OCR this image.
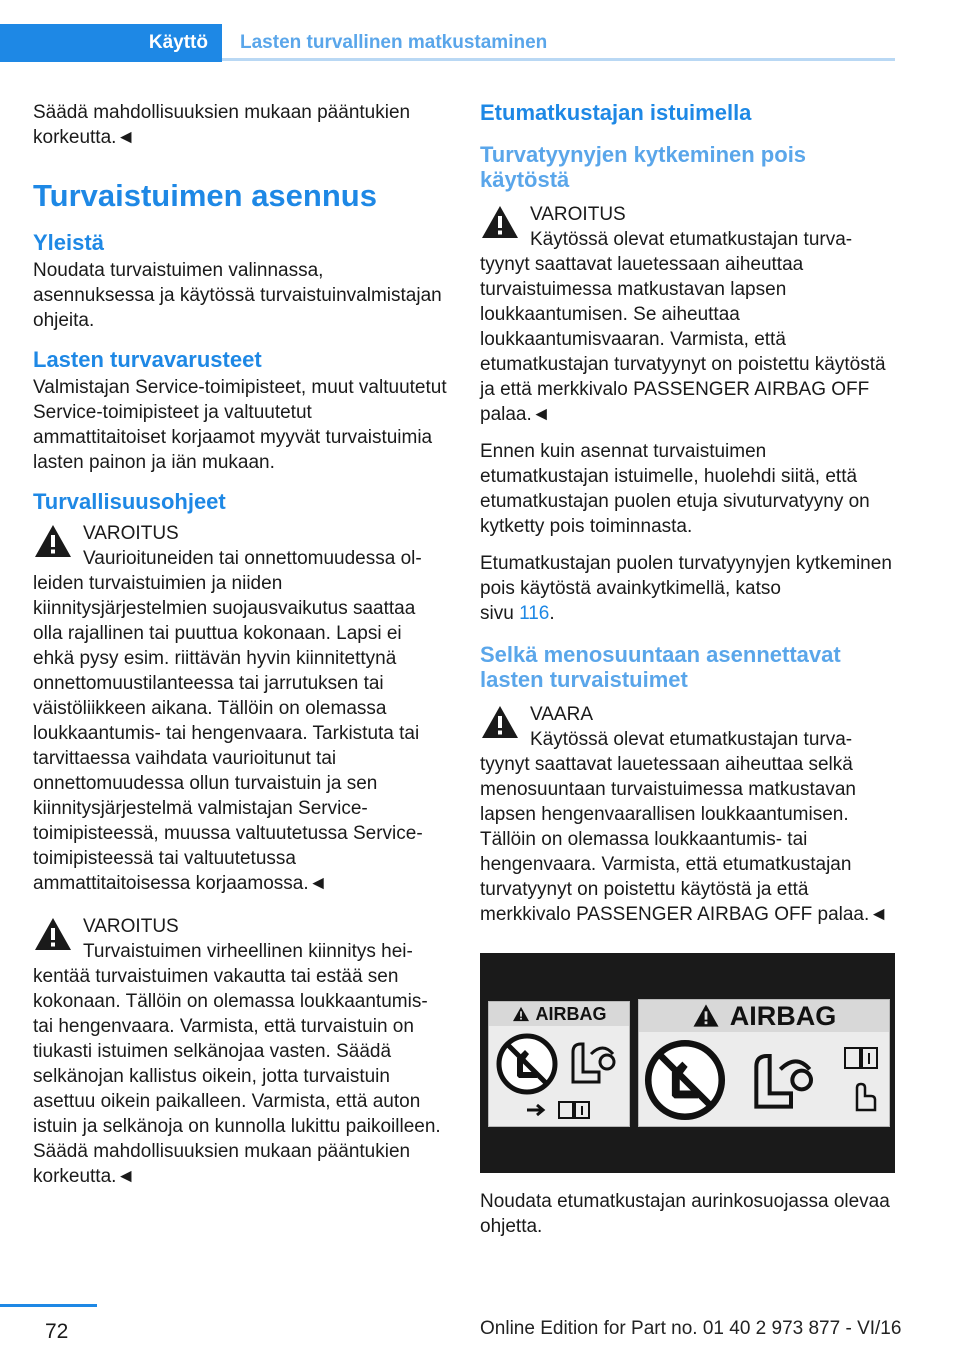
Käyttö	Lasten turvallinen matkustaminen

Säädä mahdollisuuksien mukaan pääntukien korkeutta.◄

Turvaistuimen asennus
Yleistä

Noudata turvaistuimen valinnassa, asennuksessa ja käytössä turvaistuinvalmistajan ohjeita.

Lasten turvavarusteet

Valmistajan Service-toimipisteet, muut valtuutetut Service-toimipisteet ja valtuutetut ammattitaitoiset korjaamot myyvät turvaistuimia lasten painon ja iän mukaan.

Turvallisuusohjeet
VAROITUS
Vaurioituneiden tai onnettomuudessa ol-
leiden turvaistuimien ja niiden kiinnitysjärjestelmien suojausvaikutus saattaa olla rajallinen tai puuttua kokonaan. Lapsi ei ehkä pysy esim. riittävän hyvin kiinnitettynä onnettomuustilanteessa tai jarrutuksen tai väistöliikkeen aikana. Tällöin on olemassa loukkaantumis- tai hengenvaara. Tarkistuta tai tarvittaessa vaihdata vaurioitunut tai onnettomuudessa ollun turvaistuin ja sen kiinnitysjärjestelmä valmistajan Service-toimipisteessä, muussa valtuutetussa Service-toimipisteessä tai valtuutetussa ammattitaitoisessa korjaamossa.◄
VAROITUS
Turvaistuimen virheellinen kiinnitys hei-
kentää turvaistuimen vakautta tai estää sen kokonaan. Tällöin on olemassa loukkaantumis- tai hengenvaara. Varmista, että turvaistuin on tiukasti istuimen selkänojaa vasten. Säädä selkänojan kallistus oikein, jotta turvaistuin asettuu oikein paikalleen. Varmista, että auton istuin ja selkänoja on kunnolla lukittu paikoilleen. Säädä mahdollisuuksien mukaan pääntukien korkeutta.◄
Etumatkustajan istuimella
Turvatyynyjen kytkeminen pois käytöstä
VAROITUS
Käytössä olevat etumatkustajan turva-
tyynyt saattavat lauetessaan aiheuttaa turvaistuimessa matkustavan lapsen loukkaantumisen. Se aiheuttaa loukkaantumisvaaran. Varmista, että etumatkustajan turvatyynyt on poistettu käytöstä ja että merkkivalo PASSENGER AIRBAG OFF palaa.◄

Ennen kuin asennat turvaistuimen etumatkustajan istuimelle, huolehdi siitä, että etumatkustajan puolen etuja sivuturvatyyny on kytketty pois toiminnasta.

Etumatkustajan puolen turvatyynyjen kytkeminen pois käytöstä avainkytkimellä, katso
sivu 116.

Selkä menosuuntaan asennettavat lasten turvaistuimet
VAARA
Käytössä olevat etumatkustajan turva-
tyynyt saattavat lauetessaan aiheuttaa selkä menosuuntaan turvaistuimessa matkustavan lapsen hengenvaarallisen loukkaantumisen. Tällöin on olemassa loukkaantumis- tai hengenvaara. Varmista, että etumatkustajan turvatyynyt on poistettu käytöstä ja että merkkivalo PASSENGER AIRBAG OFF palaa.◄
AIRBAG	AIRBAG

Noudata etumatkustajan aurinkosuojassa olevaa ohjetta.

72	Online Edition for Part no. 01 40 2 973 877 - VI/16
